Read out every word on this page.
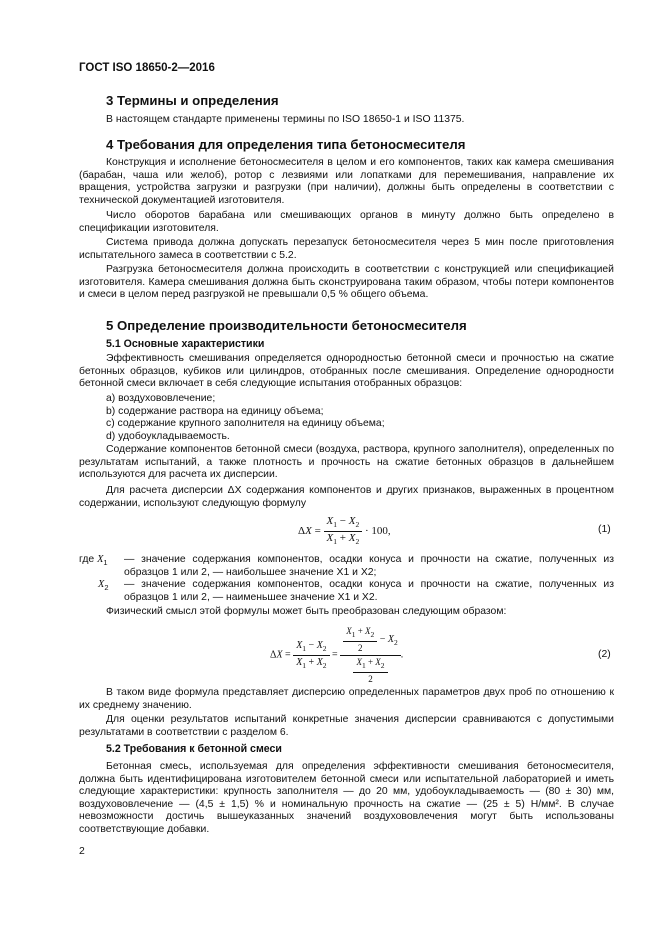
ГОСТ ISO 18650-2—2016
3 Термины и определения
В настоящем стандарте применены термины по ISO 18650-1 и ISO 11375.
4 Требования для определения типа бетоносмесителя
Конструкция и исполнение бетоносмесителя в целом и его компонентов, таких как камера смешивания (барабан, чаша или желоб), ротор с лезвиями или лопатками для перемешивания, направление их вращения, устройства загрузки и разгрузки (при наличии), должны быть определены в соответствии с технической документацией изготовителя.
Число оборотов барабана или смешивающих органов в минуту должно быть определено в спецификации изготовителя.
Система привода должна допускать перезапуск бетоносмесителя через 5 мин после приготовления испытательного замеса в соответствии с 5.2.
Разгрузка бетоносмесителя должна происходить в соответствии с конструкцией или спецификацией изготовителя. Камера смешивания должна быть сконструирована таким образом, чтобы потери компонентов и смеси в целом перед разгрузкой не превышали 0,5 % общего объема.
5 Определение производительности бетоносмесителя
5.1 Основные характеристики
Эффективность смешивания определяется однородностью бетонной смеси и прочностью на сжатие бетонных образцов, кубиков или цилиндров, отобранных после смешивания. Определение однородности бетонной смеси включает в себя следующие испытания отобранных образцов:
a) воздухововлечение;
b) содержание раствора на единицу объема;
c) содержание крупного заполнителя на единицу объема;
d) удобоукладываемость.
Содержание компонентов бетонной смеси (воздуха, раствора, крупного заполнителя), определенных по результатам испытаний, а также плотность и прочность на сжатие бетонных образцов в дальнейшем используются для расчета их дисперсии.
Для расчета дисперсии ΔX содержания компонентов и других признаков, выраженных в процентном содержании, используют следующую формулу
$\Delta X = \frac{X_1 - X_2}{X_1 + X_2} \cdot 100$,	(1)
где $X_1$ — значение содержания компонентов, осадки конуса и прочности на сжатие, полученных из образцов 1 или 2, — наибольшее значение X1 и X2;
$X_2$ — значение содержания компонентов, осадки конуса и прочности на сжатие, полученных из образцов 1 или 2, — наименьшее значение X1 и X2.
Физический смысл этой формулы может быть преобразован следующим образом:
$\Delta X = \frac{X_1 - X_2}{X_1 + X_2} = \frac{\frac{X_1 + X_2}{2} - X_2}{\frac{X_1 + X_2}{2}}$ .	(2)
В таком виде формула представляет дисперсию определенных параметров двух проб по отношению к их среднему значению.
Для оценки результатов испытаний конкретные значения дисперсии сравниваются с допустимыми результатами в соответствии с разделом 6.
5.2 Требования к бетонной смеси
Бетонная смесь, используемая для определения эффективности смешивания бетоносмесителя, должна быть идентифицирована изготовителем бетонной смеси или испытательной лабораторией и иметь следующие характеристики: крупность заполнителя — до 20 мм, удобоукладываемость — (80 ± 30) мм, воздухововлечение — (4,5 ± 1,5) % и номинальную прочность на сжатие — (25 ± 5) Н/мм². В случае невозможности достичь вышеуказанных значений воздухововлечения могут быть использованы соответствующие добавки.
2
